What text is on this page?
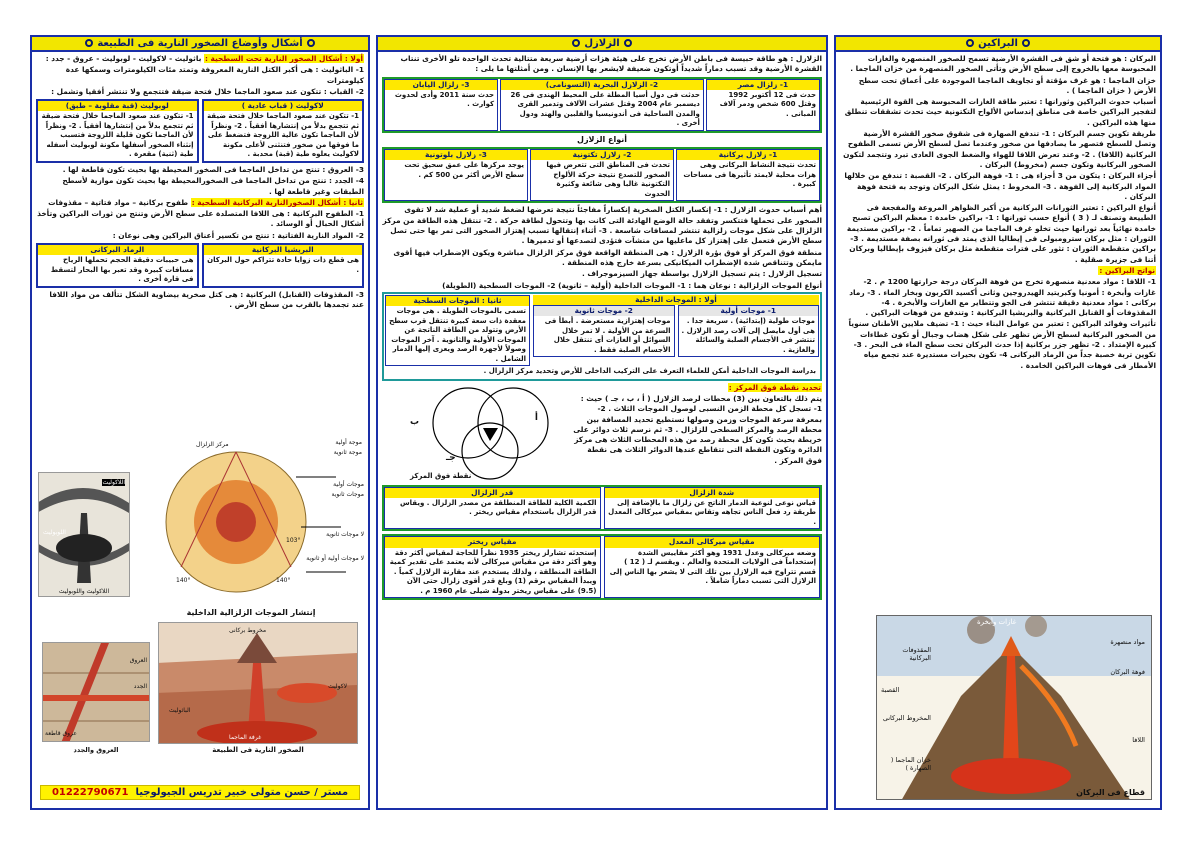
البراكين
البركان : هو فتحة أو شق فى القشرة الأرضية تسمح للصخور المنصهرة والغازات المحبوسة معها بالخروج إلى سطح الأرض وتأتى الصخور المنصهرة من خزان الماجما .
خزان الماجما : هو غرف مؤقتة أو تجاويف الماجما الموجودة على أعماق تحت سطح الأرض ( خزان الماجما ) .
أسباب حدوث البراكين وثورانها : تعتبر طاقة الغازات المحبوسة هى القوة الرئيسية لتفجير البراكين خاصة فى مناطق إندساس الألواح التكتونية حيث تحدث تشققات تنطلق منها هذه البراكين .
طريقة تكوين جسم البركان : 1- تندفع الصهارة فى شقوق صخور القشرة الأرضية وتصل للسطح فتصهر ما يصادفها من صخور وعندما تصل لسطح الأرض تسمى الطفوح البركانية (اللافا) . 2- وعند تعرض اللافا للهواء والضغط الجوى العادى تبرد وتتجمد لتكون الصخور البركانية وتكون جسم (مخروط) البركان .
أجزاء البركان : يتكون من 3 أجزاء هى : 1- فوهة البركان . 2- القصبة : تندفع من خلالها المواد البركانية إلى الفوهة . 3- المخروط : يمثل شكل البركان وتوجد به فتحة فوهة البركان .
أنواع البراكين : تعتبر الثورانات البركانية من أكبر الظواهر المروعة والمفجعة فى الطبيعة وتصنف لـ ( 3 ) أنواع حسب ثورانها : 1- براكين خامدة : معظم البراكين تصبح خامدة نهائياً بعد ثورانها حيث تخلو غرف الماجما من الصهير تماماً . 2- براكين مستديمة الثوران : مثل بركان سترومبولى فى إيطاليا الذى يمتد فى ثورانه بصفة مستديمة . 3- براكين متقطعة الثوران : تثور على فترات متقطعة مثل بركان فيزوف بإيطاليا وبركان أتنا فى جزيرة صقلية .
نواتج البراكين :
1- اللافا : مواد معدنية منصهرة تخرج من فوهة البركان درجة حرارتها 1200 م . 2- غازات وأبخرة : أمونيا وكبريتيد الهيدروجين وثانى أكسيد الكربون وبخار الماء . 3- رماد بركانى : مواد معدنية دقيقة تنتشر فى الجو وتتطاير مع الغازات والأبخرة . 4- المقذوفات أو القنابل البركانية والبريشيا البركانية : وتندفع من فوهات البراكين .
تأثيرات وفوائد البراكين : تعتبر من عوامل البناء حيث : 1- تضيف ملايين الأطنان سنوياً من الصخور البركانية لسطح الأرض تظهر على شكل هضاب وجبال أو تكون غطاءات كبيرة الإمتداد . 2- تظهر جزر بركانية إذا حدث البركان تحت سطح الماء فى البحر . 3- تكوين تربة خصبة جداً من الرماد البركانى 4- تكون بحيرات مستديرة عند تجمع مياه الأمطار فى فوهات البراكين الخامدة .
غازات وأبخرة
مواد منصهرة
فوهة البركان
المقذوفات البركانية
القصبة
المخروط البركانى
اللافا
خزان الماجما ( الصهارة )
قطاع فى البركان
الزلازل
الزلازل : هو طاقة حبيسة فى باطن الأرض تخرج على هيئة هزات أرضية سريعة متتالية تحدث الواحدة تلو الأخرى تنتاب القشرة الأرضية وقد تسبب دماراً شديداً أوتكون ضعيفة لايشعر بها الإنسان . ومن أمثلتها ما يلى :
1- زلزال مصر
حدث فى 12 أكتوبر 1992 وقتل 600 شخص ودمر آلاف المبانى .
2- الزلازل البحرية (التسونامى)
حدثت فى دول أسيا المطلة على المحيط الهندى فى 26 ديسمبر عام 2004 وقتل عشرات الآلاف وتدمير القرى والمدن الساحلية فى أندونيسيا والفلبين والهند ودول أخرى .
3- زلزال اليابان
حدث سنة 2011 وأدى لحدوث كوارث .
أنواع الزلازل
1- زلازل بركانية
تحدث نتيجة النشاط البركانى وهى هزات محلية لايمتد تأثيرها فى مساحات كبيرة .
2- زلازل تكتونية
تحدث فى المناطق التى تتعرض فيها الصخور للتصدع نتيجة حركة الألواح التكتونية غالبا وهى شائعة وكثيرة الحدوث
3- زلازل بلوتونية
يوجد مركزها على عمق سحيق تحت سطح الأرض أكثر من 500 كم .
أهم أسباب حدوث الزلازل : 1- إنكسار الكتل الصخرية إنكساراً مفاجئاً نتيجة تعرضها لضغط شديد أو عملية شد لا تقوى الصخور على تحملها فتتكسر وتفقد حالة الوضع الهادئة التى كانت بها وتتحول لطاقة حركة . 2- تنتقل هذه الطاقة من مركز الزلزال على شكل موجات زلزالية تنتشر لمسافات شاسعة . 3- أثناء إنتقالها تسبب إهتزاز الصخور التى تمر بها حتى تصل سطح الأرض فتعمل على إهتزاز كل ماعليها من منشآت فتؤدى لتصدعها أو تدميرها .
منطقة فوق المركز أو فوق بؤرة الزلازل : هى المنطقة الواقعة فوق مركز الزلزال مباشرة ويكون الإضطراب فيها أقوى مايمكن وتتناقص شدة الإضطراب الميكانيكى بسرعة خارج هذه المنطقة .
تسجيل الزلازل : يتم تسجيل الزلازل بواسطة جهاز السيزموجراف .
أنواع الموجات الزلزالية : نوعان هما : 1- الموجات الداخلية (أولية – ثانوية) 2- الموجات السطحية (الطويلة)
أولا : الموجات الداخلية
1- موجات أولية
موجات طولية (إبتدائية) . سريعة جدا . هى أول مايصل إلى آلات رصد الزلازل . تنتشر فى الأجسام الصلبة والسائلة والغازية .
2- موجات ثانوية
موجات إهتزازية مستعرضة . أبطأ فى السرعة من الأولية . لا تمر خلال السوائل أو الغازات أى تنتقل خلال الأجسام الصلبة فقط .
ثانيا : الموجات السطحية
تسمى بالموجات الطويلة . هى موجات معقدة ذات سعة كبيرة تنتقل قرب سطح الأرض وتتولد من الطاقة الناتجة عن الموجات الأولية والثانوية . آخر الموجات وصولاً لأجهزة الرصد ويعزى إليها الدمار الشامل .
بدراسة الموجات الداخلية أمكن للعلماء التعرف على التركيب الداخلى للأرض وتحديد مركز الزلزال .
تحديد نقطة فوق المركز :
يتم ذلك بالتعاون بين (3) محطات لرصد الزلازل ( أ ، ب ، جـ ) حيث : 1- تسجل كل محطة الزمن النسبى لوصول الموجات الثلاث . 2- بمعرفة سرعة الموجات وزمن وصولها نستطيع تحديد المسافة بين محطة الرصد والمركز السطحى للزلزال . 3- ثم نرسم ثلاث دوائر على خريطة بحيث تكون كل محطة رصد من هذه المحطات الثلاث هى مركز الدائرة وتكون النقطة التى تتقاطع عندها الدوائر الثلاث هى نقطة فوق المركز .
أ
ب
جـ
نقطة فوق المركز
شدة الزلزال
قياس نوعى لنوعية الدمار الناتج عن زلزال ما بالإضافة إلى طريقة رد فعل الناس تجاهه وتقاس بمقياس ميركالى المعدل .
قدر الزلزال
الكمية الكلية للطاقة المنطلقة من مصدر الزلزال . ويقاس قدر الزلزال باستخدام مقياس ريختر .
مقياس ميركالى المعدل
وضعه ميركالى وعدل 1931 وهو أكثر مقاييس الشدة إستخداماً فى الولايات المتحدة والعالم . ويقسم لـ ( 12 ) قسم تتراوح فيه الزلازل بين تلك التى لا يشعر بها الناس إلى الزلازل التى تسبب دماراً شاملاً .
مقياس ريختر
إستحدثه تشارلز ريختر 1935 نظراً للحاجة لمقياس أكثر دقة وهو أكثر دقة من مقياس ميركالى لأنه يعتمد على تقدير كمية الطاقة المنطلقة ، ولذلك يستخدم عند مقارنة الزلازل كمياً . ويبدأ المقياس برقم (1) وبلغ قدر أقوى زلزال حتى الآن (9.5) على مقياس ريختر بدولة شيلى عام 1960 م .
أشكال وأوضاع الصخور النارية فى الطبيعة
أولا : أشكال الصخور النارية تحت السطحية : باثوليث - لاكوليث - لوبوليث - عروق - جدد :
1- الباثوليث : هى أكبر الكتل النارية المعروفة وتمتد مئات الكيلومترات وسمكها عدة كيلومترات
2- القباب : تتكون عند صعود الماجما خلال فتحة ضيقة فتتجمع ولا تنتشر أفقيا وتشمل :
لاكوليث ( قباب عادية )
1- تتكون عند صعود الماجما خلال فتحة ضيقة ثم تتجمع بدلاً من إنتشارها أفقياً . 2- ونظراً لأن الماجما تكون عالية اللزوجة فتضغط على ما فوقها من صخور فتنثنى لأعلى مكونة لاكوليث يعلوه طية (قبة) محدبة .
لوبوليث (قبة مقلوبة – طبق)
1- تتكون عند صعود الماجما خلال فتحة ضيقة ثم تتجمع بدلاً من إنتشارها أفقياً . 2- ونظراً لأن الماجما تكون قليلة اللزوجة فتسبب إنثناء الصخور أسفلها مكونة لوبوليث أسفله طية (ثنية) مقعرة .
3- العروق : تنتج من تداخل الماجما فى الصخور المحيطة بها بحيث تكون قاطعة لها .
4- الجدد : تنتج من تداخل الماجما فى الصخورالمحيطة بها بحيث تكون موازية لأسطح الطبقات وغير قاطعة لها .
ثانيا : أشكال الصخورالنارية البركانية السطحية : طفوح بركانية – مواد فتاتية – مقذوفات
1- الطفوح البركانية : هى اللافا المتصلدة على سطح الأرض وتنتج من ثورات البراكين وتأخذ أشكال الحبال أو الوسائد .
2- المواد النارية الفتاتية : تنتج من تكسير أعناق البراكين وهى نوعان :
البريشيا البركانية
هى قطع ذات زوايا حادة تتراكم حول البركان .
الرماد البركانى
هى حبيبات دقيقة الحجم تحملها الرياح مسافات كبيرة وقد تعبر بها البحار لتسقط فى قارة أخرى .
3- المقذوفات (القنابل) البركانية : هى كتل صخرية بيضاوية الشكل تتألف من مواد اللافا عند تجمدها بالقرب من سطح الأرض .
اللاكوليث
اللوبوليث
اللاكوليث واللوبوليث
مركز الزلزال	موجة أولية
موجة ثانوية
موجات أولية
موجات ثانوية
لا موجات ثانوية
لا موجات أولية أو ثانوية
103°
140°	140°
إنتشار الموجات الزلزالية الداخلية
العروق
الجدد
عروق قاطعة
مخروط بركانى
لاكوليث
الباثوليث
غرفة الماجما
الصخور النارية فى الطبيعة
العروق والجدد
مستر / حسن متولى خبير تدريس الجيولوجيا  01222790671
